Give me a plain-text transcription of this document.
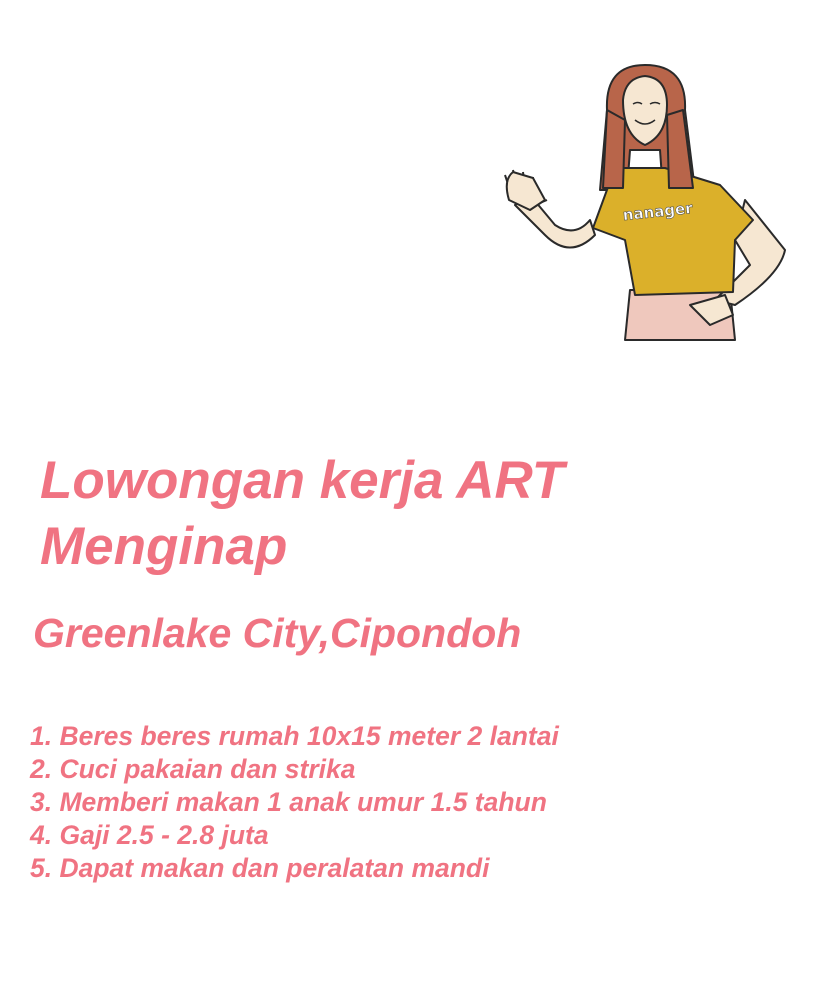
nanager
Lowongan kerja ART
Menginap
Greenlake City,Cipondoh
1. Beres beres rumah 10x15 meter 2 lantai
2. Cuci pakaian dan strika
3. Memberi makan 1 anak umur 1.5 tahun
4. Gaji 2.5 - 2.8 juta
5. Dapat makan dan peralatan mandi
